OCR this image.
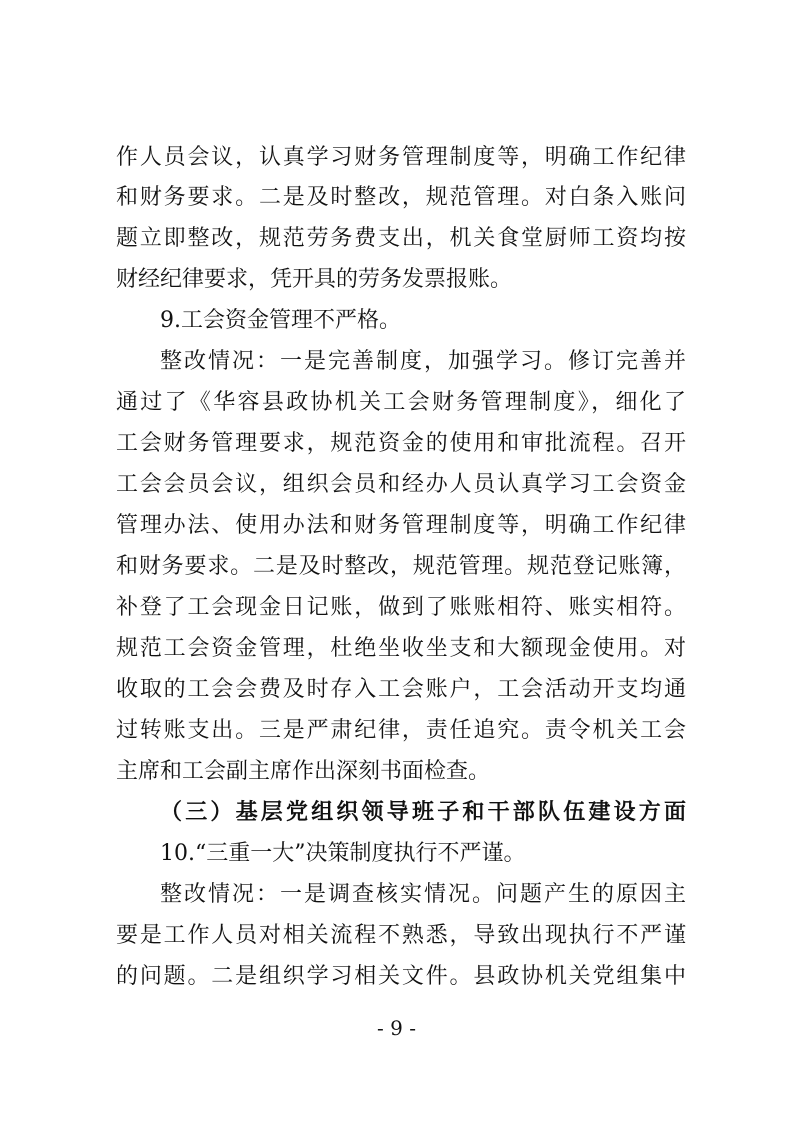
作人员会议，认真学习财务管理制度等，明确工作纪律
和财务要求。二是及时整改，规范管理。对白条入账问
题立即整改，规范劳务费支出，机关食堂厨师工资均按
财经纪律要求，凭开具的劳务发票报账。
9.工会资金管理不严格。
整改情况：一是完善制度，加强学习。修订完善并
通过了《华容县政协机关工会财务管理制度》，细化了
工会财务管理要求，规范资金的使用和审批流程。召开
工会会员会议，组织会员和经办人员认真学习工会资金
管理办法、使用办法和财务管理制度等，明确工作纪律
和财务要求。二是及时整改，规范管理。规范登记账簿，
补登了工会现金日记账，做到了账账相符、账实相符。
规范工会资金管理，杜绝坐收坐支和大额现金使用。对
收取的工会会费及时存入工会账户，工会活动开支均通
过转账支出。三是严肃纪律，责任追究。责令机关工会
主席和工会副主席作出深刻书面检查。
（三）基层党组织领导班子和干部队伍建设方面
10.“三重一大”决策制度执行不严谨。
整改情况：一是调查核实情况。问题产生的原因主
要是工作人员对相关流程不熟悉，导致出现执行不严谨
的问题。二是组织学习相关文件。县政协机关党组集中
- 9 -
